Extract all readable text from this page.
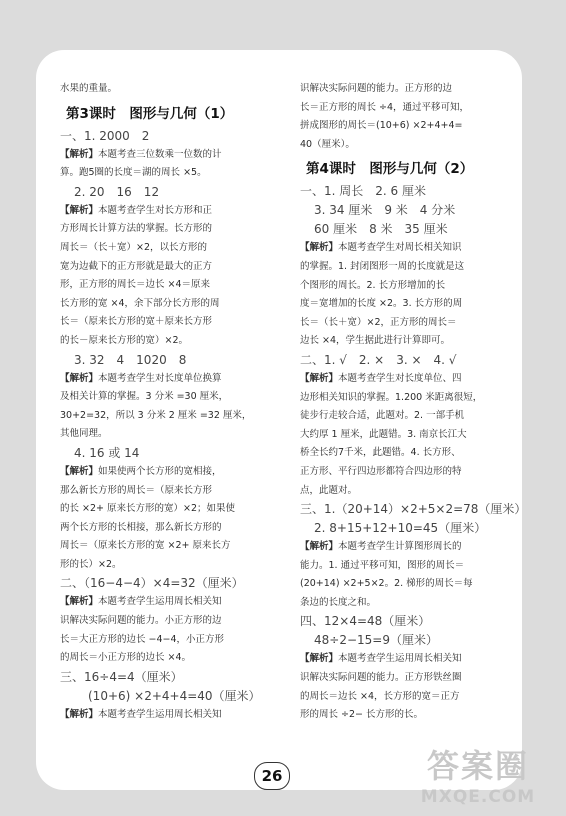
水果的重量。
第3课时　图形与几何（1）
一、1. 2000　2
【解析】本题考查三位数乘一位数的计
算。跑5圈的长度＝湖的周长 ×5。
2. 20　16　12
【解析】本题考查学生对长方形和正
方形周长计算方法的掌握。长方形的
周长＝（长＋宽）×2，以长方形的
宽为边截下的正方形就是最大的正方
形，正方形的周长＝边长 ×4＝原来
长方形的宽 ×4，余下部分长方形的周
长＝（原来长方形的宽＋原来长方形
的长－原来长方形的宽）×2。
3. 32　4　1020　8
【解析】本题考查学生对长度单位换算
及相关计算的掌握。3 分米 =30 厘米，
30+2=32，所以 3 分米 2 厘米 =32 厘米，
其他同理。
4. 16 或 14
【解析】如果使两个长方形的宽相接，
那么新长方形的周长＝（原来长方形
的长 ×2+ 原来长方形的宽）×2；如果使
两个长方形的长相接，那么新长方形的
周长＝（原来长方形的宽 ×2+ 原来长方
形的长）×2。
二、（16−4−4）×4=32（厘米）
【解析】本题考查学生运用周长相关知
识解决实际问题的能力。小正方形的边
长＝大正方形的边长 −4−4，小正方形
的周长＝小正方形的边长 ×4。
三、16÷4=4（厘米）
(10+6) ×2+4+4=40（厘米）
【解析】本题考查学生运用周长相关知
识解决实际问题的能力。正方形的边
长＝正方形的周长 ÷4，通过平移可知，
拼成图形的周长＝(10+6) ×2+4+4=
40（厘米）。
第4课时　图形与几何（2）
一、1. 周长　2. 6 厘米
3. 34 厘米　9 米　4 分米
60 厘米　8 米　35 厘米
【解析】本题考查学生对周长相关知识
的掌握。1. 封闭图形一周的长度就是这
个图形的周长。2. 长方形增加的长
度＝宽增加的长度 ×2。3. 长方形的周
长＝（长＋宽）×2，正方形的周长＝
边长 ×4，学生据此进行计算即可。
二、1. √　2. ×　3. ×　4. √
【解析】本题考查学生对长度单位、四
边形相关知识的掌握。1.200 米距离很短，
徒步行走较合适，此题对。2. 一部手机
大约厚 1 厘米，此题错。3. 南京长江大
桥全长约7千米，此题错。4. 长方形、
正方形、平行四边形都符合四边形的特
点，此题对。
三、1.（20+14）×2+5×2=78（厘米）
2. 8+15+12+10=45（厘米）
【解析】本题考查学生计算图形周长的
能力。1. 通过平移可知，图形的周长＝
(20+14) ×2+5×2。2. 梯形的周长＝每
条边的长度之和。
四、12×4=48（厘米）
48÷2−15=9（厘米）
【解析】本题考查学生运用周长相关知
识解决实际问题的能力。正方形铁丝圈
的周长＝边长 ×4，长方形的宽＝正方
形的周长 ÷2− 长方形的长。
26	答案圈
MXQE.COM
